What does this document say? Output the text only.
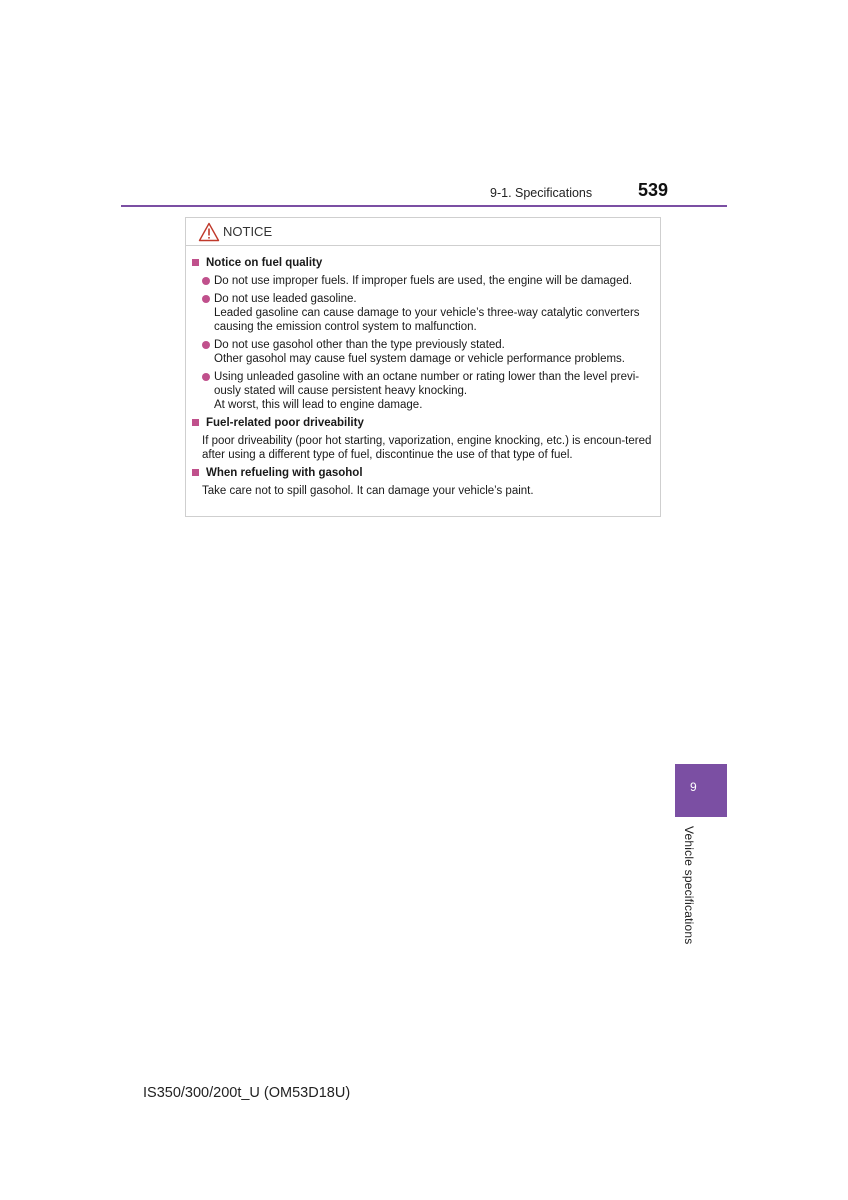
9-1. Specifications	539
NOTICE
Notice on fuel quality
Do not use improper fuels. If improper fuels are used, the engine will be damaged.
Do not use leaded gasoline.
Leaded gasoline can cause damage to your vehicle’s three-way catalytic converters causing the emission control system to malfunction.
Do not use gasohol other than the type previously stated.
Other gasohol may cause fuel system damage or vehicle performance problems.
Using unleaded gasoline with an octane number or rating lower than the level previ-ously stated will cause persistent heavy knocking.
At worst, this will lead to engine damage.
Fuel-related poor driveability
If poor driveability (poor hot starting, vaporization, engine knocking, etc.) is encoun-tered after using a different type of fuel, discontinue the use of that type of fuel.
When refueling with gasohol
Take care not to spill gasohol. It can damage your vehicle’s paint.
9
Vehicle specifications
IS350/300/200t_U (OM53D18U)
